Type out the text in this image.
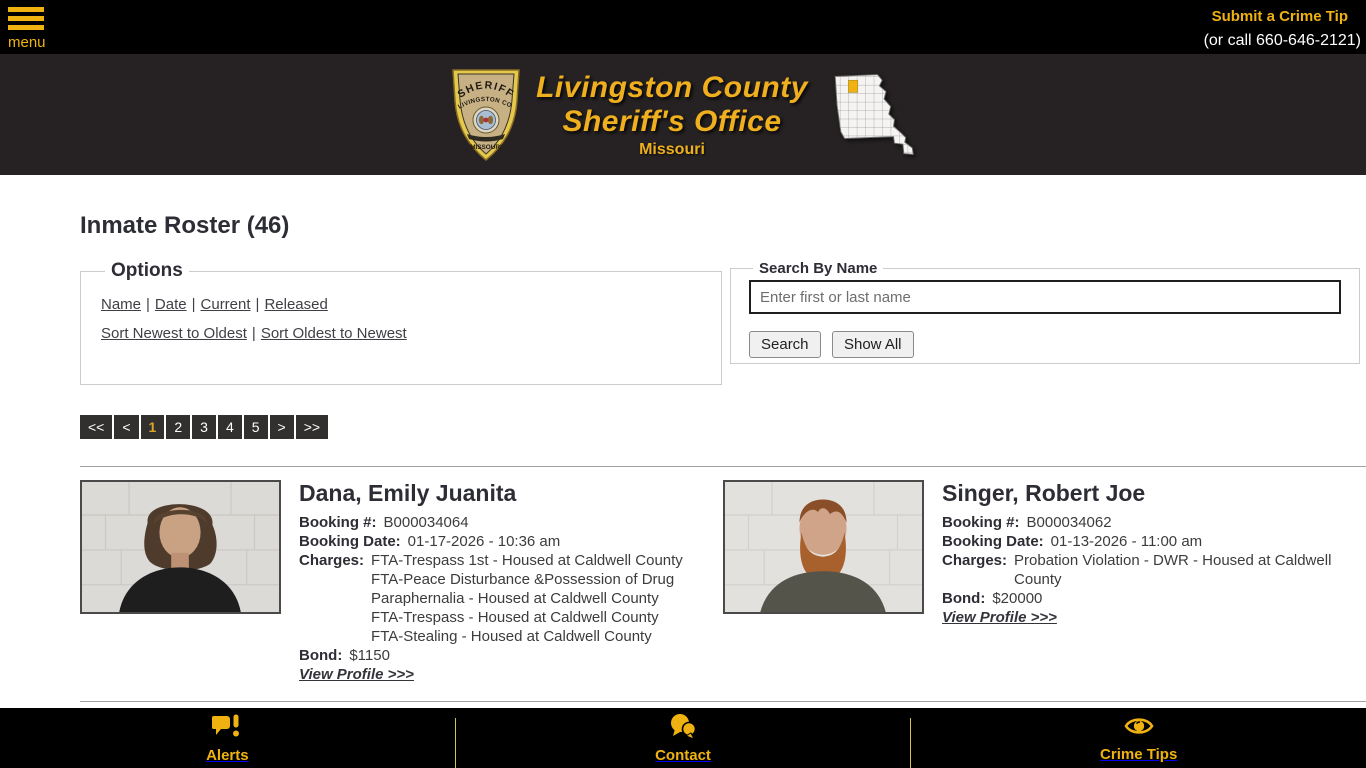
menu
Submit a Crime Tip
(or call 660-646-2121)
SHERIFF
LIVINGSTON CO
MISSOURI
Livingston County
Sheriff's Office
Missouri
Inmate Roster (46)
Options
Name | Date | Current | Released
Sort Newest to Oldest | Sort Oldest to Newest
Search By Name
Enter first or last name
Search Show All
<< < 1 2 3 4 5 > >>
Dana, Emily Juanita
Booking #: B000034064
Booking Date: 01-17-2026 - 10:36 am
Charges: FTA-Trespass 1st - Housed at Caldwell County
FTA-Peace Disturbance &Possession of Drug Paraphernalia - Housed at Caldwell County
FTA-Trespass - Housed at Caldwell County
FTA-Stealing - Housed at Caldwell County
Bond: $1150
View Profile >>>
Singer, Robert Joe
Booking #: B000034062
Booking Date: 01-13-2026 - 11:00 am
Charges: Probation Violation - DWR - Housed at Caldwell County
Bond: $20000
View Profile >>>
Alerts	Contact	Crime Tips
